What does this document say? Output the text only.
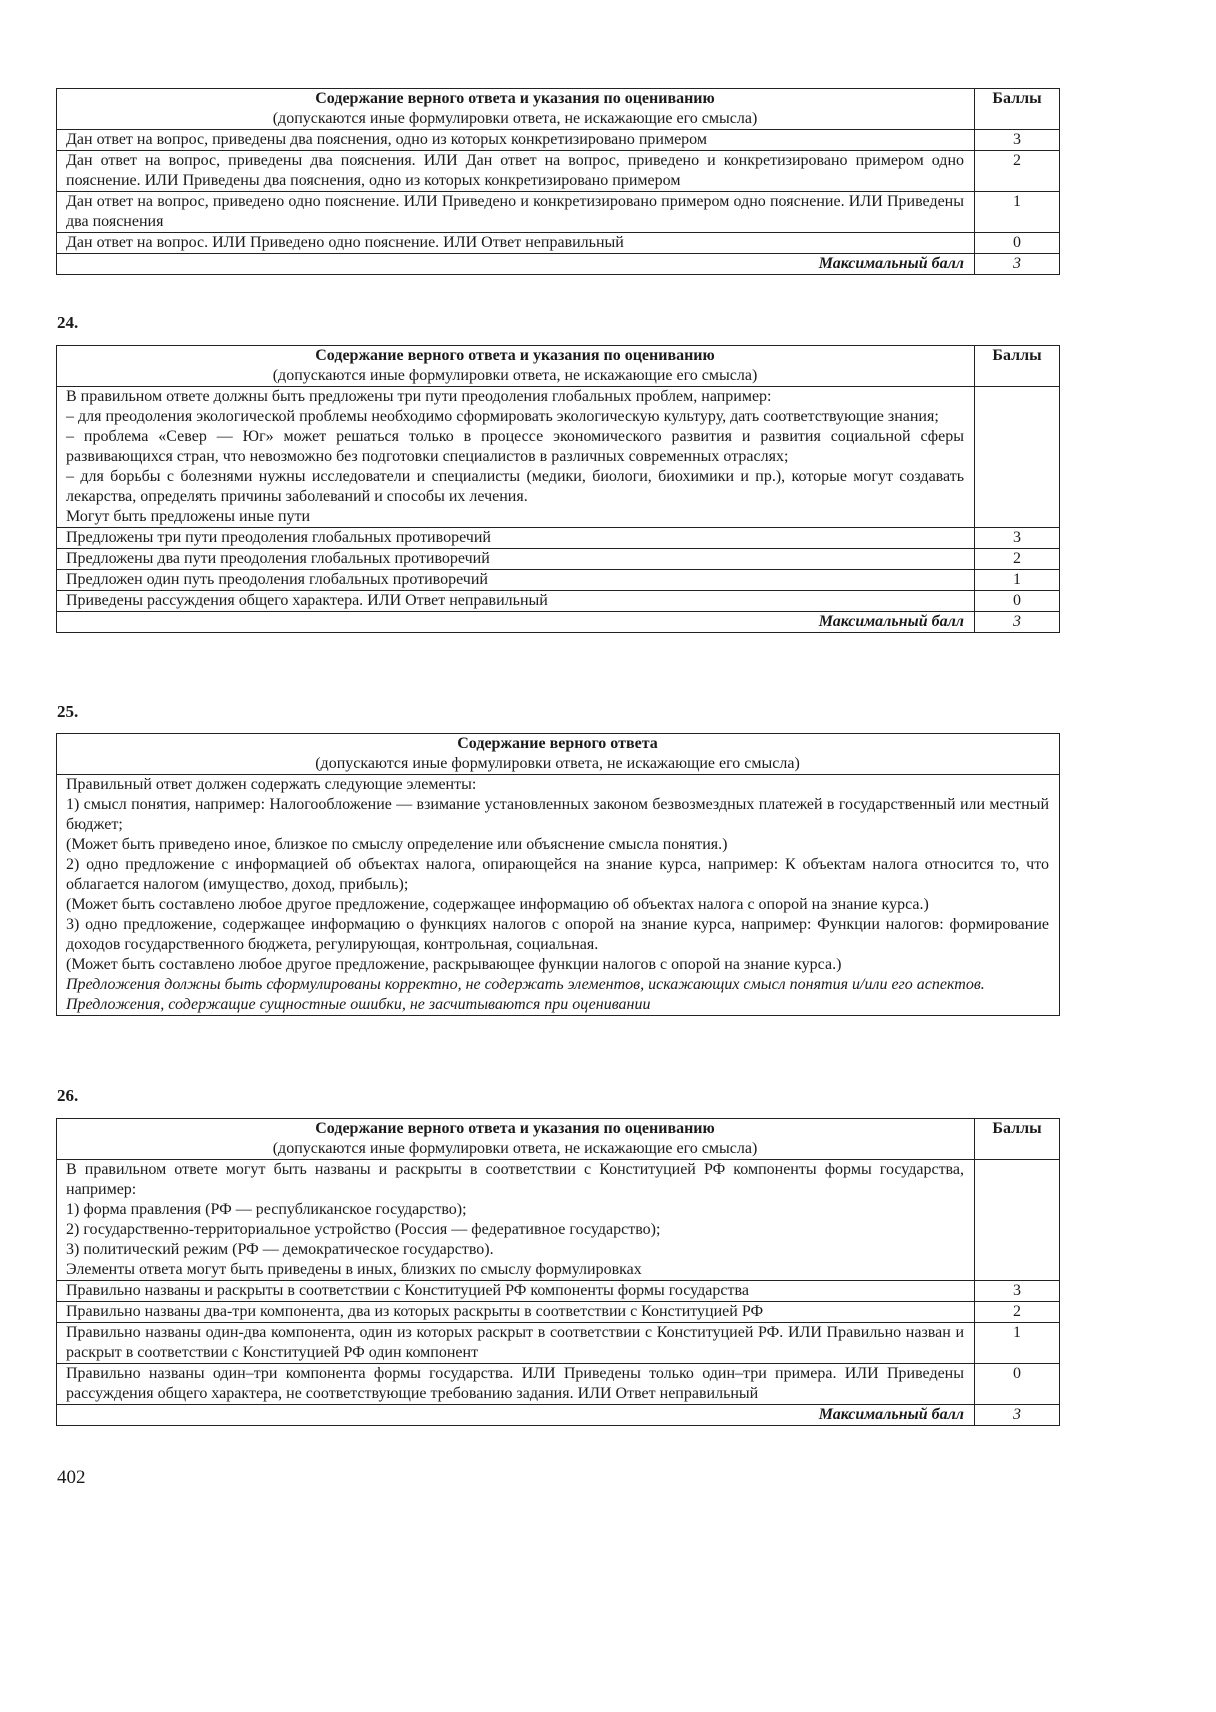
Содержание верного ответа и указания по оцениванию
(допускаются иные формулировки ответа, не искажающие его смысла)	Баллы

Дан ответ на вопрос, приведены два пояснения, одно из которых конкретизировано примером	3

Дан ответ на вопрос, приведены два пояснения. ИЛИ Дан ответ на вопрос, приведено и конкретизировано примером одно пояснение. ИЛИ Приведены два пояснения, одно из которых конкретизировано примером	2

Дан ответ на вопрос, приведено одно пояснение. ИЛИ Приведено и конкретизировано примером одно пояснение. ИЛИ Приведены два пояснения	1

Дан ответ на вопрос. ИЛИ Приведено одно пояснение. ИЛИ Ответ неправильный	0
Максимальный балл	3
24.
Содержание верного ответа и указания по оцениванию
(допускаются иные формулировки ответа, не искажающие его смысла)	Баллы

В правильном ответе должны быть предложены три пути преодоления глобальных проблем, например:
– для преодоления экологической проблемы необходимо сформировать экологическую культуру, дать соответствующие знания;
– проблема «Север — Юг» может решаться только в процессе экономического развития и развития социальной сферы развивающихся стран, что невозможно без подготовки специалистов в различных современных отраслях;
– для борьбы с болезнями нужны исследователи и специалисты (медики, биологи, биохимики и пр.), которые могут создавать лекарства, определять причины заболеваний и способы их лечения.
Могут быть предложены иные пути	

Предложены три пути преодоления глобальных противоречий	3

Предложены два пути преодоления глобальных противоречий	2

Предложен один путь преодоления глобальных противоречий	1

Приведены рассуждения общего характера. ИЛИ Ответ неправильный	0
Максимальный балл	3
25.
Содержание верного ответа
(допускаются иные формулировки ответа, не искажающие его смысла)

Правильный ответ должен содержать следующие элементы:
1) смысл понятия, например: Налогообложение — взимание установленных законом безвозмездных платежей в государственный или местный бюджет;
(Может быть приведено иное, близкое по смыслу определение или объяснение смысла понятия.)
2) одно предложение с информацией об объектах налога, опирающейся на знание курса, например: К объектам налога относится то, что облагается налогом (имущество, доход, прибыль);
(Может быть составлено любое другое предложение, содержащее информацию об объектах налога с опорой на знание курса.)
3) одно предложение, содержащее информацию о функциях налогов с опорой на знание курса, например: Функции налогов: формирование доходов государственного бюджета, регулирующая, контрольная, социальная.
(Может быть составлено любое другое предложение, раскрывающее функции налогов с опорой на знание курса.)
Предложения должны быть сформулированы корректно, не содержать элементов, искажающих смысл понятия и/или его аспектов.
Предложения, содержащие сущностные ошибки, не засчитываются при оценивании
26.
Содержание верного ответа и указания по оцениванию
(допускаются иные формулировки ответа, не искажающие его смысла)	Баллы

В правильном ответе могут быть названы и раскрыты в соответствии с Конституцией РФ компоненты формы государства, например:
1) форма правления (РФ — республиканское государство);
2) государственно-территориальное устройство (Россия — федеративное государство);
3) политический режим (РФ — демократическое государство).
Элементы ответа могут быть приведены в иных, близких по смыслу формулировках	

Правильно названы и раскрыты в соответствии с Конституцией РФ компоненты формы государства	3

Правильно названы два-три компонента, два из которых раскрыты в соответствии с Конституцией РФ	2

Правильно названы один-два компонента, один из которых раскрыт в соответствии с Конституцией РФ. ИЛИ Правильно назван и раскрыт в соответствии с Конституцией РФ один компонент	1

Правильно названы один–три компонента формы государства. ИЛИ Приведены только один–три примера. ИЛИ Приведены рассуждения общего характера, не соответствующие требованию задания. ИЛИ Ответ неправильный	0
Максимальный балл	3
402
